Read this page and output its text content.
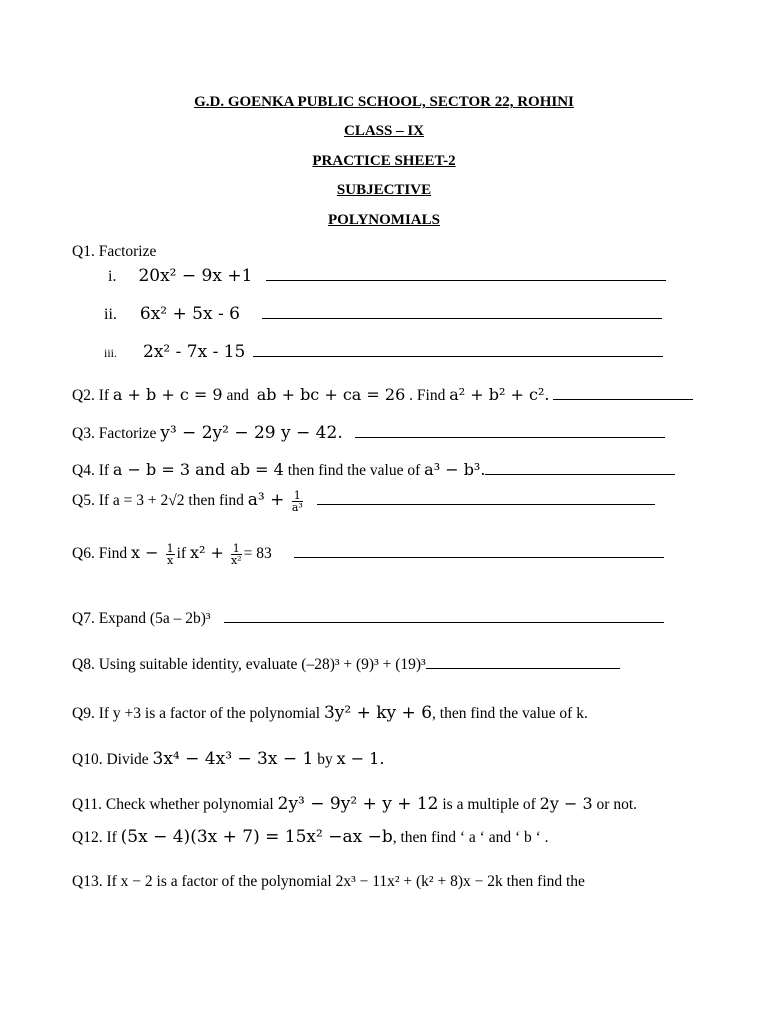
G.D. GOENKA PUBLIC SCHOOL, SECTOR 22, ROHINI
CLASS – IX
PRACTICE SHEET-2
SUBJECTIVE
POLYNOMIALS
Q1. Factorize
i. 20x² − 9x +1
ii. 6x² + 5x - 6
iii. 2x² - 7x - 15
Q2. If a + b + c = 9 and ab + bc + ca = 26 . Find a² + b² + c².
Q3. Factorize y³ − 2y² − 29 y − 42.
Q4. If a − b = 3 and ab = 4 then find the value of a³ − b³.
Q5. If a = 3 + 2√2 then find $a^3 + \frac{1}{\text{a³}}$

Q6. Find $x - \frac{1}{x}$ if $x^2 + \frac{1}{\text{x²}} = 83$
Q7. Expand (5a – 2b)³
Q8. Using suitable identity, evaluate (–28)³ + (9)³ + (19)³
Q9. If y +3 is a factor of the polynomial 3y² + ky + 6, then find the value of k.
Q10. Divide 3x⁴ − 4x³ − 3x − 1 by x − 1.
Q11. Check whether polynomial 2y³ − 9y² + y + 12 is a multiple of 2y − 3 or not.
Q12. If (5x − 4)(3x + 7) = 15x² −ax −b, then find ‘ a ‘ and ‘ b ‘ .
Q13. If x − 2 is a factor of the polynomial 2x³ − 11x² + (k² + 8)x − 2k then find the
